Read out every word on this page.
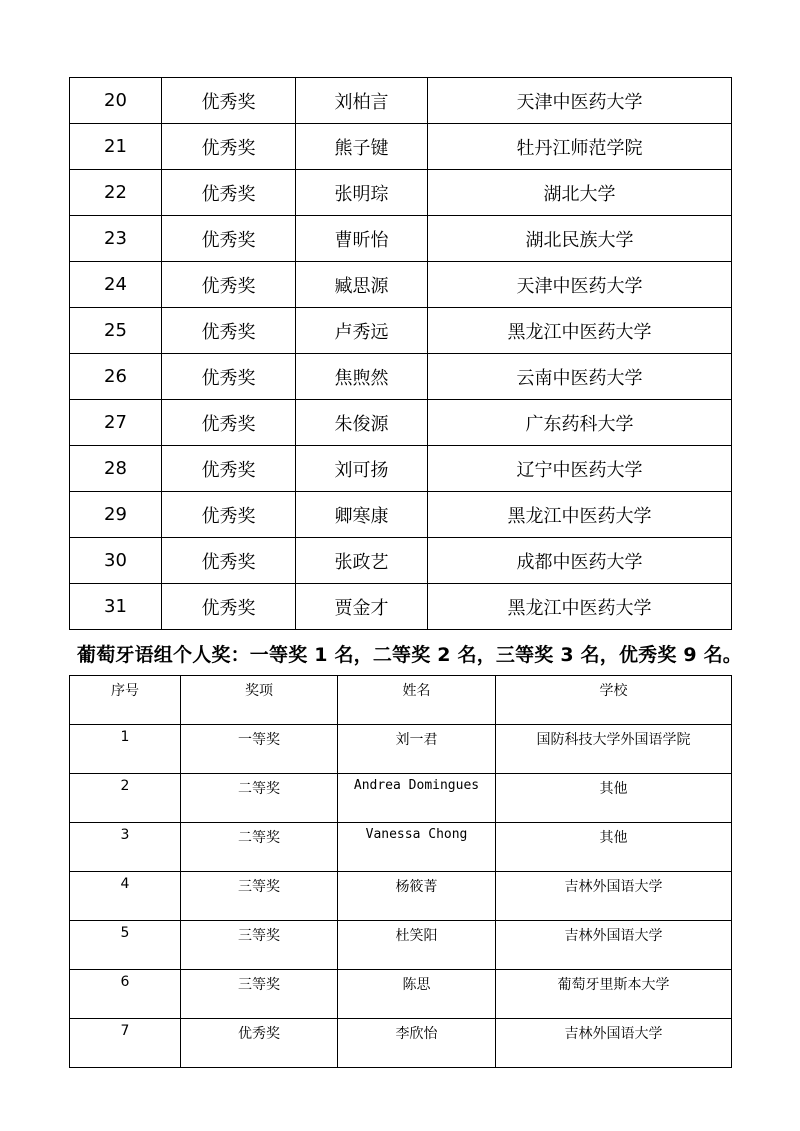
20	优秀奖	刘柏言	天津中医药大学
21	优秀奖	熊子键	牡丹江师范学院
22	优秀奖	张明琮	湖北大学
23	优秀奖	曹昕怡	湖北民族大学
24	优秀奖	臧思源	天津中医药大学
25	优秀奖	卢秀远	黑龙江中医药大学
26	优秀奖	焦煦然	云南中医药大学
27	优秀奖	朱俊源	广东药科大学
28	优秀奖	刘可扬	辽宁中医药大学
29	优秀奖	卿寒康	黑龙江中医药大学
30	优秀奖	张政艺	成都中医药大学
31	优秀奖	贾金才	黑龙江中医药大学
葡萄牙语组个人奖：一等奖 1 名，二等奖 2 名，三等奖 3 名，优秀奖 9 名。
序号	奖项	姓名	学校
1	一等奖	刘一君	国防科技大学外国语学院
2	二等奖	Andrea Domingues	其他
3	二等奖	Vanessa Chong	其他
4	三等奖	杨筱菁	吉林外国语大学
5	三等奖	杜笑阳	吉林外国语大学
6	三等奖	陈思	葡萄牙里斯本大学
7	优秀奖	李欣怡	吉林外国语大学
